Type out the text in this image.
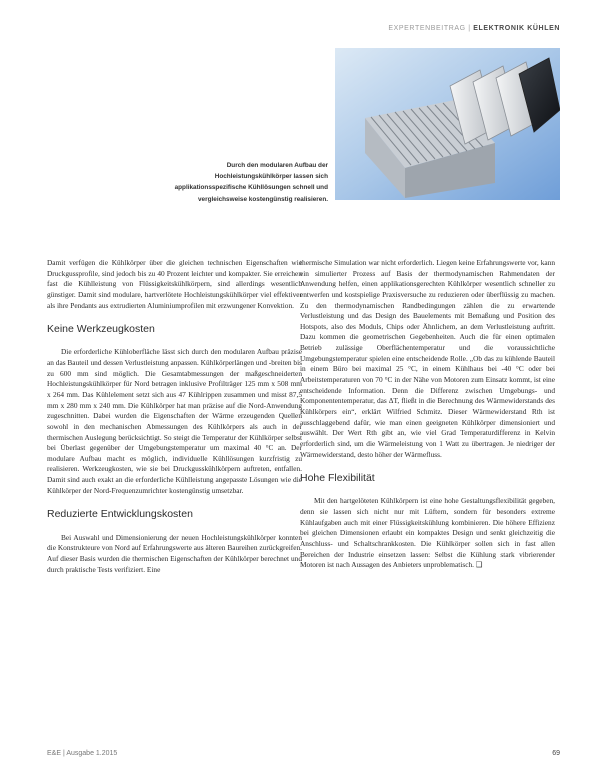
EXPERTENBEITRAG | ELEKTRONIK KÜHLEN
Durch den modularen Aufbau der Hochleistungskühlkörper lassen sich applikationsspezifische Kühllösungen schnell und vergleichsweise kostengünstig realisieren.

Damit verfügen die Kühlkörper über die gleichen technischen Eigenschaften wie Druckgussprofile, sind jedoch bis zu 40 Prozent leichter und kompakter. Sie erreichen fast die Kühlleistung von Flüssigkeitskühlkörpern, sind allerdings wesentlich günstiger. Damit sind modulare, hartverlötete Hochleistungskühlkörper viel effektiver als ihre Pendants aus extrudierten Aluminiumprofilen mit erzwungener Konvektion.

Keine Werkzeugkosten

Die erforderliche Kühloberfläche lässt sich durch den modularen Aufbau präzise an das Bauteil und dessen Verlustleistung anpassen. Kühlkörperlängen und -breiten bis zu 600 mm sind möglich. Die Gesamtabmessungen der maßgeschneiderten Hochleistungskühlkörper für Nord betragen inklusive Profilträger 125 mm x 508 mm x 264 mm. Das Kühlelement setzt sich aus 47 Kühlrippen zusammen und misst 87,5 mm x 280 mm x 240 mm. Die Kühlkörper hat man präzise auf die Nord-Anwendung zugeschnitten. Dabei wurden die Eigenschaften der Wärme erzeugenden Quellen sowohl in den mechanischen Abmessungen des Kühlkörpers als auch in der thermischen Auslegung berücksichtigt. So steigt die Temperatur der Kühlkörper selbst bei Überlast gegenüber der Umgebungstemperatur um maximal 40 °C an. Der modulare Aufbau macht es möglich, individuelle Kühllösungen kurzfristig zu realisieren. Werkzeugkosten, wie sie bei Druckgusskühlkörpern auftreten, entfallen. Damit sind auch exakt an die erforderliche Kühlleistung angepasste Lösungen wie die Kühlkörper der Nord-Frequenzumrichter kostengünstig umsetzbar.

Reduzierte Entwicklungskosten

Bei Auswahl und Dimensionierung der neuen Hochleistungskühlkörper konnten die Konstrukteure von Nord auf Erfahrungswerte aus älteren Baureihen zurückgreifen. Auf dieser Basis wurden die thermischen Eigenschaften der Kühlkörper berechnet und durch praktische Tests verifiziert. Eine

thermische Simulation war nicht erforderlich. Liegen keine Erfahrungswerte vor, kann ein simulierter Prozess auf Basis der thermodynamischen Rahmendaten der Anwendung helfen, einen applikationsgerechten Kühlkörper wesentlich schneller zu entwerfen und kostspielige Praxisversuche zu reduzieren oder überflüssig zu machen. Zu den thermodynamischen Randbedingungen zählen die zu erwartende Verlustleistung und das Design des Bauelements mit Bemaßung und Position des Hotspots, also des Moduls, Chips oder Ähnlichem, an dem Verlustleistung auftritt. Dazu kommen die geometrischen Gegebenheiten. Auch die für einen optimalen Betrieb zulässige Oberflächentemperatur und die voraussichtliche Umgebungstemperatur spielen eine entscheidende Rolle. „Ob das zu kühlende Bauteil in einem Büro bei maximal 25 °C, in einem Kühlhaus bei -40 °C oder bei Arbeitstemperaturen von 70 °C in der Nähe von Motoren zum Einsatz kommt, ist eine entscheidende Information. Denn die Differenz zwischen Umgebungs- und Komponententemperatur, das ΔT, fließt in die Berechnung des Wärmewiderstands des Kühlkörpers ein“, erklärt Wilfried Schmitz. Dieser Wärmewiderstand Rth ist ausschlaggebend dafür, wie man einen geeigneten Kühlkörper dimensioniert und auswählt. Der Wert Rth gibt an, wie viel Grad Temperaturdifferenz in Kelvin erforderlich sind, um die Wärmeleistung von 1 Watt zu übertragen. Je niedriger der Wärmewiderstand, desto höher der Wärmefluss.

Hohe Flexibilität

Mit den hartgelöteten Kühlkörpern ist eine hohe Gestaltungsflexibilität gegeben, denn sie lassen sich nicht nur mit Lüftern, sondern für besonders extreme Kühlaufgaben auch mit einer Flüssigkeitskühlung kombinieren. Die höhere Effizienz bei gleichen Dimensionen erlaubt ein kompaktes Design und senkt gleichzeitig die Anschluss- und Schaltschrankkosten. Die Kühlkörper sollen sich in fast allen Bereichen der Industrie einsetzen lassen: Selbst die Kühlung stark vibrierender Motoren ist nach Aussagen des Anbieters unproblematisch. ❑

E&E | Ausgabe 1.2015	69
